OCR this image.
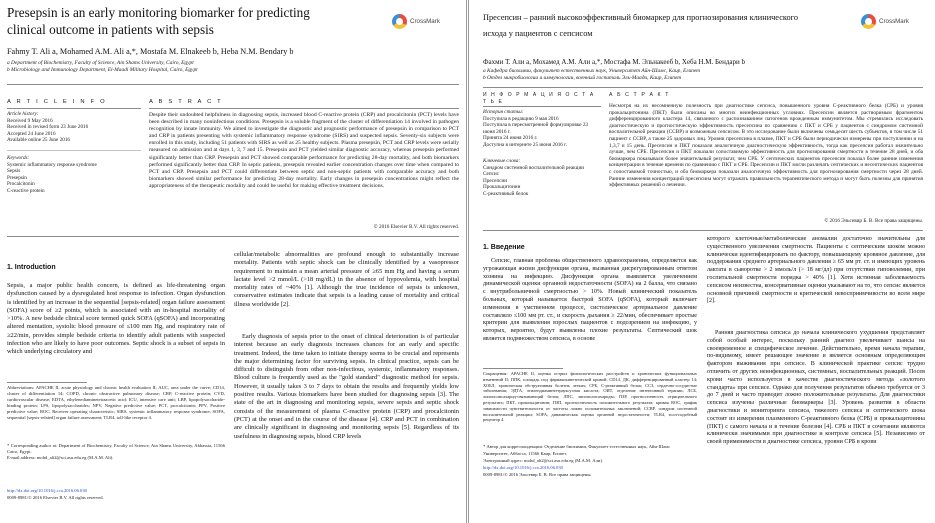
Presepsin is an early monitoring biomarker for predicting clinical outcome in patients with sepsis
CrossMark
Fahmy T. Ali a, Mohamed A.M. Ali a,*, Mostafa M. Elnakeeb b, Heba N.M. Bendary b
a Department of Biochemistry, Faculty of Science, Ain Shams University, Cairo, Egypt
b Microbiology and Immunology Department, El-Maadi Military Hospital, Cairo, Egypt
A R T I C L E I N F O	A B S T R A C T
Article history:
Received 9 May 2016
Received in revised form 23 June 2016
Accepted 24 June 2016
Available online 25 June 2016
Keywords:
Systemic inflammatory response syndrome
Sepsis
Presepsin
Procalcitonin
C-reactive protein
Despite their undoubted helpfulness in diagnosing sepsis, increased blood C-reactive protein (CRP) and procalcitonin (PCT) levels have been described in many noninfectious conditions. Presepsin is a soluble fragment of the cluster of differentiation 14 involved in pathogen recognition by innate immunity. We aimed to investigate the diagnostic and prognostic performance of presepsin in comparison to PCT and CRP in patients presenting with systemic inflammatory response syndrome (SIRS) and suspected sepsis. Seventy-six subjects were enrolled in this study, including 51 patients with SIRS as well as 25 healthy subjects. Plasma presepsin, PCT and CRP levels were serially measured on admission and at days 1, 3, 7 and 15. Presepsin and PCT yielded similar diagnostic accuracy, whereas presepsin performed significantly better than CRP. Presepsin and PCT showed comparable performance for predicting 28-day mortality, and both biomarkers performed significantly better than CRP. In septic patients, presepsin revealed earlier concentration changes over time when compared to PCT and CRP. Presepsin and PCT could differentiate between septic and non-septic patients with comparable accuracy and both biomarkers showed similar performance for predicting 28-day mortality. Early changes in presepsin concentrations might reflect the appropriateness of the therapeutic modality and could be useful for making effective treatment decisions.
© 2016 Elsevier B.V. All rights reserved.
1. Introduction
Sepsis, a major public health concern, is defined as life-threatening organ dysfunction caused by a dysregulated host response to infection. Organ dysfunction is identified by an increase in the sequential [sepsis-related] organ failure assessment (SOFA) score of ≥2 points, which is associated with an in-hospital mortality of >10%. A new bedside clinical score termed quick SOFA (qSOFA) and incorporating altered mentation, systolic blood pressure of ≤100 mm Hg, and respiratory rate of ≥22/min, provides simple bedside criteria to identify adult patients with suspected infection who are likely to have poor outcomes. Septic shock is a subset of sepsis in which underlying circulatory and
Abbreviations: APACHE II, acute physiology and chronic health evaluation II; AUC, area under the curve; CD14, cluster of differentiation 14; COPD, chronic obstructive pulmonary disease; CRP, C-reactive protein; CVD, cardiovascular disease; EDTA, ethylenediaminetetraacetic acid; ICU, intensive care unit; LBP, lipopolysaccharide-binding protein; LPS, lipopolysaccharides; NPV, Negative predictive value; PCT, procalcitonin; PPV, Positive predictive value; ROC, Receiver operating characteristic; SIRS, systemic inflammatory response syndrome; SOFA, sequential [sepsis-related] organ failure assessment; TLR4, toll-like receptor 4.
* Corresponding author at: Department of Biochemistry, Faculty of Science, Ain Shams University, Abbassia, 11566 Cairo, Egypt.
E-mail address: mohd_ali2@sci.asu.edu.eg (M.A.M. Ali).
http://dx.doi.org/10.1016/j.cca.2016.06.030
0009-8981/© 2016 Elsevier B.V. All rights reserved.
cellular/metabolic abnormalities are profound enough to substantially increase mortality. Patients with septic shock can be clinically identified by a vasopressor requirement to maintain a mean arterial pressure of ≥65 mm Hg and having a serum lactate level >2 mmol/L (>18 mg/dL) in the absence of hypovolemia, with hospital mortality rates of ~40% [1]. Although the true incidence of sepsis is unknown, conservative estimates indicate that sepsis is a leading cause of mortality and critical illness worldwide [2].
Early diagnosis of sepsis prior to the onset of clinical deterioration is of particular interest because an early diagnosis increases chances for an early and specific treatment. Indeed, the time taken to initiate therapy seems to be crucial and represents the major determining factor for surviving sepsis. In clinical practice, sepsis can be difficult to distinguish from other non-infectious, systemic, inflammatory responses. Blood culture is frequently used as the "gold standard" diagnostic method for sepsis. However, it usually takes 3 to 7 days to obtain the results and frequently yields low positive results. Various biomarkers have been studied for diagnosing sepsis [3]. The state of the art in diagnosing and monitoring sepsis, severe sepsis and septic shock consists of the measurement of plasma C-reactive protein (CRP) and procalcitonin (PCT) at the onset and in the course of the disease [4]. CRP and PCT in combination are clinically significant in diagnosing and monitoring sepsis [5]. Regardless of its usefulness in diagnosing sepsis, blood CRP levels
Пресепсин – ранний высокоэффективный биомаркер для прогнозирования клинического исхода у пациентов с сепсисом
CrossMark
Фахми Т. Али a, Мохамед А.М. Али a,*, Мостафа М. Эльнакеeб b, Хеба Н.М. Бендари b
a Кафедра биохимии, факультет естественных наук, Университет Айн-Шамс, Каир, Египет
b Отдел микробиологии и иммунологии, военный госпиталь Эль-Маади, Каир, Египет
И Н Ф О Р М А Ц И Я О С Т А Т Ь Е
А Б С Т Р А К Т
История статьи:
Поступила в редакцию 9 мая 2016
Поступила в пересмотренной формулировке 23 июня 2016 г.
Принята 24 июня 2016 г.
Доступна в интернете 25 июня 2016 г.
Ключевые слова:
Синдром системной воспалительной реакции
Сепсис
Пресепсин
Прокальцитонин
С-реактивный белок
Несмотря на их несомненную полезность при диагностике сепсиса, повышенного уровня С-реактивного белка (СРБ) и уровня прокальцитонина (ПКТ) были описаны во многих неинфекционных условиях. Пресепсин является растворимым фрагментом дифференцированного кластера 14, связанного с распознаванием патогенов врожденным иммунитетом. Мы стремились исследовать диагностическую и прогностическую эффективность пресепсина по сравнению с ПКТ и СРБ у пациентов с синдромом системной воспалительной реакции (ССВР) и возможным сепсисом. В это исследование были включены семьдесят шесть субъектов, в том числе 51 пациент с ССВР, а также 25 здоровых лиц. Уровни пресепсина в плазме, ПКТ и СРБ были периодически измерены при поступлении и на 1,3,7 и 15 день. Пресепсин и ПКТ показали аналогичную диагностическую эффективность, тогда как пресепсин работал значительно лучше, чем СРБ. Пресепсин и ПКТ показали сопоставимую эффективность для прогнозирования смертности в течение 28 дней, и оба биомаркера показывали более значительный результат, чем СРБ. У септических пациентов пресепсин показал более ранние изменения концентрации в течение времени по сравнению с ПКТ и СРБ. Пресепсин и ПКТ могли различать септических и несептических пациентов с сопоставимой точностью, и оба биомаркера показали аналогичную эффективность для прогнозирования смертности через 28 дней. Ранние изменения концентраций пресепсина могут отражать правильность терапевтического метода и могут быть полезны для принятия эффективных решений о лечении.
© 2016 Эльсевир Б. В. Все права защищены.
1. Введение
Сепсис, главная проблема общественного здравоохранения, определяется как угрожающая жизни дисфункция органа, вызванная дисрегулированным ответом хозяина на инфекцию. Дисфункция органа выявляется увеличением динамической оценки органной недостаточности (SOFA) на 2 балла, что связано с внутрибольничной смертностью > 10%. Новый клинический показатель больных, который называется быстрой SOFA (qSOFA), который включает изменения в умственном процессе, систолическое артериальное давление составляло ≤100 мм рт. ст., и скорость дыхания ≥ 22/мин, обеспечивает простые критерии для выявления взрослых пациентов с подозрением на инфекцию, у которых, вероятно, будут выявлены плохие результаты. Септический шок является подмножеством сепсиса, в основе
Сокращения: APACHE II, оценка острых физиологических расстройств и хронических функциональных изменений II; ППК, площадь под фармакокинетической кривой; CD14, ДК, дифференцированный кластер 14; ХОБЛ, хроническая обструктивная болезнь легких; СРБ, С-реактивный белок; ССЗ, сердечно-сосудистые заболевания; ЭДТА, этилендиаминтетрауксусная кислота; ОИТ, отделение интенсивной терапии; ЛСБ, липополисахарид-связывающий белок; ЛПС, липополисахариды; ПЗР, прогностичность отрицательного результата; ПКТ, прокальцитонин; ПЗП, прогностичность положительного результата; кривая ROC, график зависимости чувствительности от частоты ложно положительных заключений; ССВР, синдром системной воспалительной реакции; SOFA, динамическая оценка органной недостаточности; TLR4, толл-подобный рецептор 4.
* Автор для корреспонденции: Отделение биохимии, Факультет естественных наук, Айн-Шамс
Университет, Аббасса, 11566 Каир, Египет.
Электронный адрес: mohd_ali2@sci.asu.edu.eg (М.А.М. Али).
http://dx.doi.org/10.1016/j.cca.2016.06.030
0009-8981/© 2016 Эльсевир Б. В. Все права защищены.
которого клеточные/метаболические аномалии достаточно значительны для существенного увеличения смертности. Пациенты с септическим шоком можно клинически идентифицировать по фактору, повышающему кровяное давление, для поддержания среднего артериального давления ≥ 65 мм рт. ст. и имеющих уровень лактата в сыворотке > 2 ммоль/л (> 18 мг/дл) при отсутствии гиповолемии, при госпитальной смертности порядка > 40% [1]. Хотя истинная заболеваемость сепсисом неизвестна, консервативные оценки указывают на то, что сепсис является основной причиной смертности и критической невосприимчивости во всем мире [2].
Ранняя диагностика сепсиса до начала клинического ухудшения представляет собой особый интерес, поскольку ранний диагноз увеличивает шансы на своевременное и специфическое лечение. Действительно, время начала терапии, по-видимому, имеет решающее значение и является основным определяющим фактором выживания при сепсисе. В клинической практике сепсис трудно отличить от других неинфекционных, системных, воспалительных реакций. Посев крови часто используется в качестве диагностического метода «золотого стандарта» при сепсисе. Однако для получения результатов обычно требуется от 3 до 7 дней и часто приводит ложно положительные результаты. Для диагностики сепсиса изучены различные биомаркеры [3]. Уровень развития в области диагностики и мониторинга сепсиса, тяжелого сепсиса и септического шока состоит из измерения плазменного С-реактивного белка (СРБ) и прокальцитонина (ПКТ) с самого начала и в течение болезни [4]. СРБ и ПКТ в сочетании являются клинически значимыми при диагностике и контроле сепсиса [5]. Независимо от своей применимости в диагностике сепсиса, уровни СРБ в крови
